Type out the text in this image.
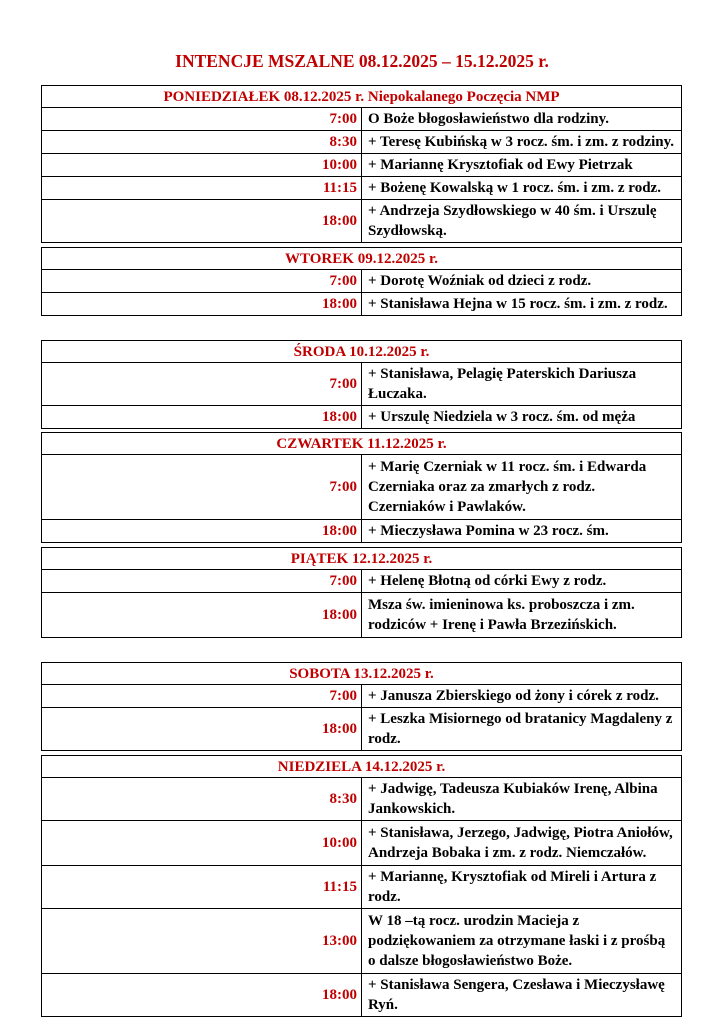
INTENCJE MSZALNE 08.12.2025 – 15.12.2025 r.
PONIEDZIAŁEK 08.12.2025 r. Niepokalanego Poczęcia NMP	
7:00	O Boże błogosławieństwo dla rodziny.
8:30	+ Teresę Kubińską w 3 rocz. śm. i zm. z rodziny.
10:00	+ Mariannę Krysztofiak od Ewy Pietrzak
11:15	+ Bożenę Kowalską w 1 rocz. śm. i zm. z rodz.
18:00	+ Andrzeja Szydłowskiego w 40 śm. i Urszulę Szydłowską.
WTOREK 09.12.2025 r.	
7:00	+ Dorotę Woźniak od dzieci z rodz.
18:00	+ Stanisława Hejna w 15 rocz. śm. i zm. z rodz.
ŚRODA 10.12.2025 r.	
7:00	+ Stanisława, Pelagię Paterskich Dariusza Łuczaka.
18:00	+ Urszulę Niedziela w 3 rocz. śm. od męża
CZWARTEK 11.12.2025 r.	
7:00	+ Marię Czerniak w 11 rocz. śm. i Edwarda Czerniaka oraz za zmarłych z rodz. Czerniaków i Pawlaków.
18:00	+ Mieczysława Pomina w 23 rocz. śm.
PIĄTEK 12.12.2025 r.	
7:00	+ Helenę Błotną od córki Ewy z rodz.
18:00	Msza św. imieninowa ks. proboszcza i zm. rodziców + Irenę i Pawła Brzezińskich.
SOBOTA 13.12.2025 r.	
7:00	+ Janusza Zbierskiego od żony i córek z rodz.
18:00	+ Leszka Misiornego od bratanicy Magdaleny z rodz.
NIEDZIELA 14.12.2025 r.	
8:30	+ Jadwigę, Tadeusza Kubiaków Irenę, Albina Jankowskich.
10:00	+ Stanisława, Jerzego, Jadwigę, Piotra Aniołów, Andrzeja Bobaka i zm. z rodz. Niemczałów.
11:15	+ Mariannę, Krysztofiak od Mireli i Artura z rodz.
13:00	W 18 –tą rocz. urodzin Macieja z podziękowaniem za otrzymane łaski i z prośbą o dalsze błogosławieństwo Boże.
18:00	+ Stanisława Sengera, Czesława i Mieczysławę Ryń.
